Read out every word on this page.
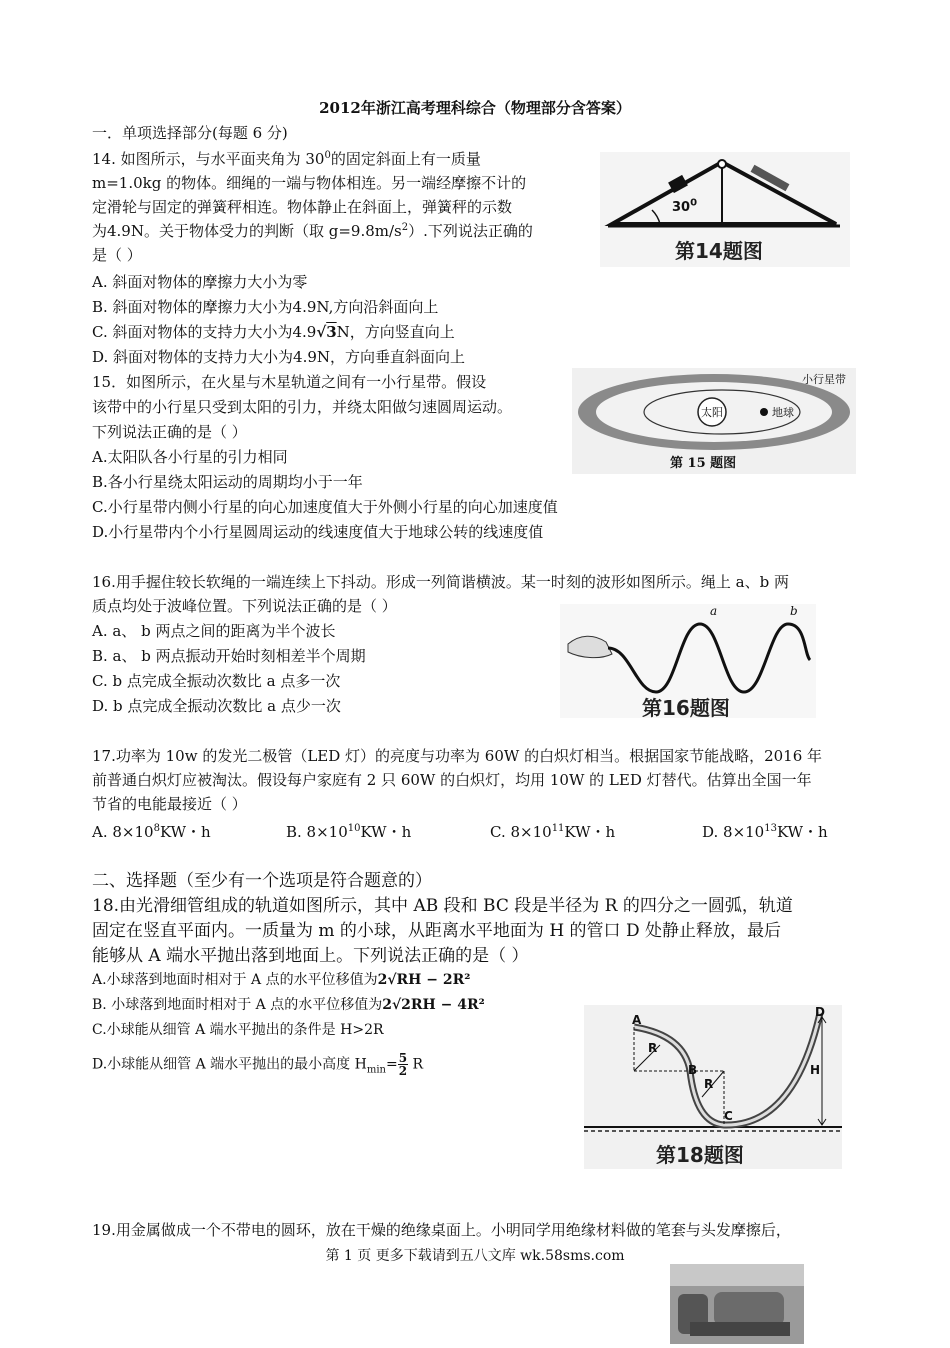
2012年浙江高考理科综合（物理部分含答案）
一．单项选择部分(每题 6 分)
14. 如图所示，与水平面夹角为 $30^0$的固定斜面上有一质量
m=1.0kg 的物体。细绳的一端与物体相连。另一端经摩擦不计的
定滑轮与固定的弹簧秤相连。物体静止在斜面上，弹簧秤的示数
为4.9N。关于物体受力的判断（取 $g=9.8m/s^2$）.下列说法正确的
是（ ）
A. 斜面对物体的摩擦力大小为零
B. 斜面对物体的摩擦力大小为4.9N,方向沿斜面向上
C. 斜面对物体的支持力大小为4.9√3N，方向竖直向上
D. 斜面对物体的支持力大小为4.9N，方向垂直斜面向上
$30^0$
第14题图
15．如图所示，在火星与木星轨道之间有一小行星带。假设
该带中的小行星只受到太阳的引力，并绕太阳做匀速圆周运动。
下列说法正确的是（ ）
A.太阳队各小行星的引力相同
B.各小行星绕太阳运动的周期均小于一年
C.小行星带内侧小行星的向心加速度值大于外侧小行星的向心加速度值
D.小行星带内个小行星圆周运动的线速度值大于地球公转的线速度值
太阳	地球
小行星带
第 15 题图
16.用手握住较长软绳的一端连续上下抖动。形成一列简谐横波。某一时刻的波形如图所示。绳上 a、b 两
质点均处于波峰位置。下列说法正确的是（ ）
A. a、 b 两点之间的距离为半个波长
B. a、 b 两点振动开始时刻相差半个周期
C. b 点完成全振动次数比 a 点多一次
D. b 点完成全振动次数比 a 点少一次
a	b
第16题图
17.功率为 10w 的发光二极管（LED 灯）的亮度与功率为 60W 的白炽灯相当。根据国家节能战略，2016 年
前普通白炽灯应被淘汰。假设每户家庭有 2 只 60W 的白炽灯，均用 10W 的 LED 灯替代。估算出全国一年
节省的电能最接近（ ）
A. $8\times 10^8KW$・h	B. $8\times 10^{10}KW$・h	C. $8\times 10^{11}KW$・h	D. $8\times 10^{13}KW$・h
二、选择题（至少有一个选项是符合题意的）
18.由光滑细管组成的轨道如图所示，其中 AB 段和 BC 段是半径为 R 的四分之一圆弧，轨道
固定在竖直平面内。一质量为 m 的小球，从距离水平地面为 H 的管口 D 处静止释放，最后
能够从 A 端水平抛出落到地面上。下列说法正确的是（ ）
A.小球落到地面时相对于 A 点的水平位移值为2√RH − 2R²
B. 小球落到地面时相对于 A 点的水平位移值为2√2RH − 4R²
C.小球能从细管 A 端水平抛出的条件是 H>2R
D.小球能从细管 A 端水平抛出的最小高度 $H_{min}= \frac{5}{2}$ R
A
B
C
D
R
R
H
第18题图
19.用金属做成一个不带电的圆环，放在干燥的绝缘桌面上。小明同学用绝缘材料做的笔套与头发摩擦后，
第 1 页 更多下载请到五八文库 wk.58sms.com
